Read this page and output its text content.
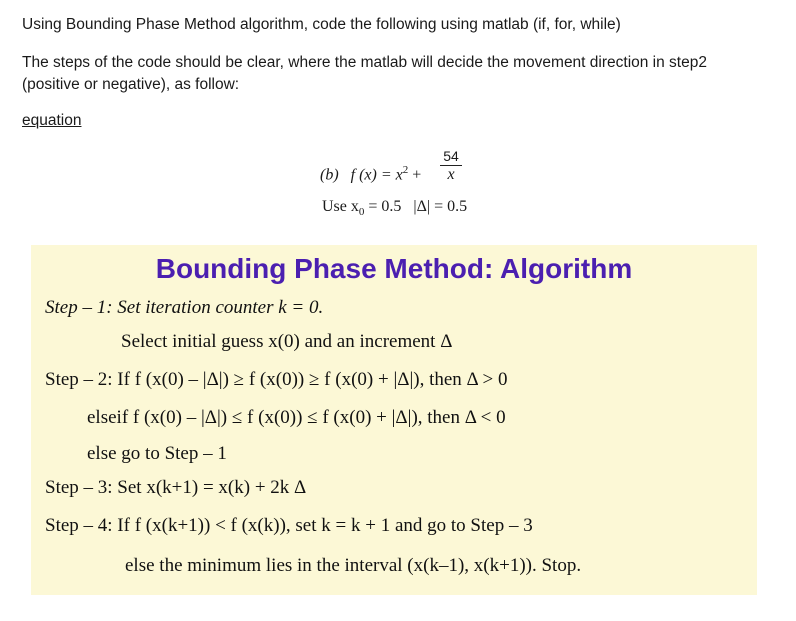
Using Bounding Phase Method algorithm, code the following using matlab (if, for, while)

The steps of the code should be clear, where the matlab will decide the movement direction in step2 (positive or negative), as follow:

equation
(b) f $(x) = x^2 + \frac{54}{x}$
Use $x_0 = 0.5$ |Δ| = 0.5
Bounding Phase Method: Algorithm
Step – 1: Set iteration counter k = 0.
Select initial guess x(0) and an increment Δ
Step – 2: If f (x(0) – |Δ|) ≥ f (x(0)) ≥ f (x(0) + |Δ|), then Δ > 0
elseif f (x(0) – |Δ|) ≤ f (x(0)) ≤ f (x(0) + |Δ|), then Δ < 0
else go to Step – 1
Step – 3: Set x(k+1) = x(k) + 2k Δ
Step – 4: If f (x(k+1)) < f (x(k)), set k = k + 1 and go to Step – 3
else the minimum lies in the interval (x(k–1), x(k+1)). Stop.
